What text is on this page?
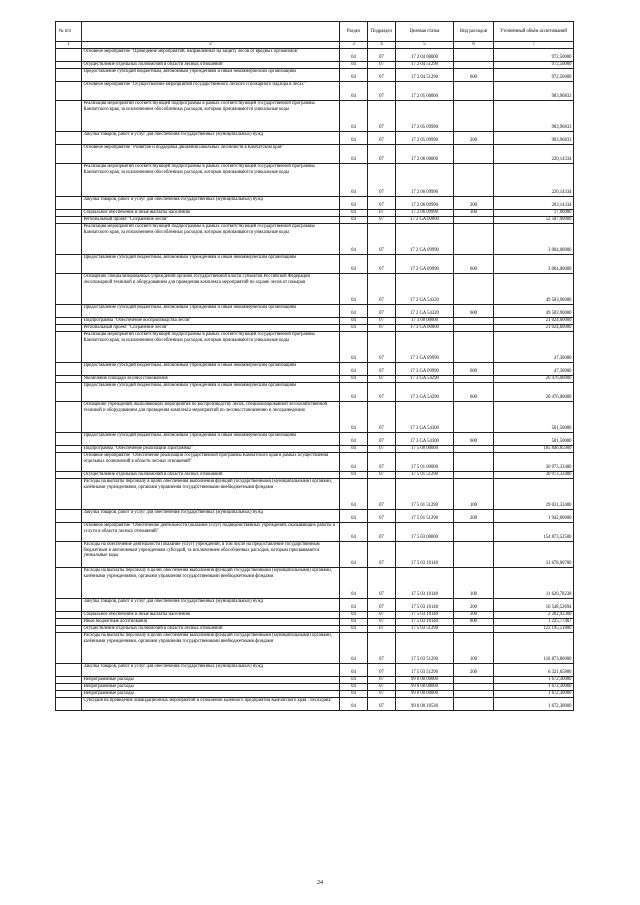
№ п/п		Раздел	Подраздел	Целевая статья	Вид расходов	Уточнённый объём ассигнований
1	2	3	4	5	6	7
	Основное мероприятие "Проведение мероприятий, направленных на защиту лесов от вредных организмов"	04	07	17 2 04 00000		972,50000
	Осуществление отдельных полномочий в области лесных отношений	04	07	17 2 04 51290		972,50000
	Предоставление субсидий бюджетным, автономным учреждениям и иным некоммерческим организациям	04	07	17 2 04 51290	600	972,50000
	Основное мероприятие "Осуществление мероприятий государственного лесного и пожарного надзора в лесах"	04	07	17 2 05 00000		903,96833
	Реализация мероприятий соответствующей подпрограммы в рамках соответствующей государственной программы Камчатского края, за исключением обособленных расходов, которым присваиваются уникальные коды	04	07	17 2 05 09990		903,96833
	Закупка товаров, работ и услуг для обеспечения государственных (муниципальных) нужд	04	07	17 2 05 09990	200	903,96833
	Основное мероприятие "Развитие и поддержка движения школьных лесничеств в Камчатском крае"	04	07	17 2 06 00000		220,14334
	Реализация мероприятий соответствующей подпрограммы в рамках соответствующей государственной программы Камчатского края, за исключением обособленных расходов, которым присваиваются уникальные коды	04	07	17 2 06 09990		220,14334
	Закупка товаров, работ и услуг для обеспечения государственных (муниципальных) нужд	04	07	17 2 06 09990	200	203,14334
	Социальное обеспечение и иные выплаты населению	04	07	17 2 06 09990	300	17,00000
	Региональный проект "Сохранение лесов"	04	07	17 2 GA 00000		52 507,90000
	Реализация мероприятий соответствующей подпрограммы в рамках соответствующей государственной программы Камчатского края, за исключением обособленных расходов, которым присваиваются уникальные коды	04	07	17 2 GA 09990		3 004,00000
	Предоставление субсидий бюджетным, автономным учреждениям и иным некоммерческим организациям	04	07	17 2 GA 09990	600	3 004,00000
	Оснащение специализированных учреждений органов государственной власти субъектов Российской Федерации лесопожарной техникой и оборудованием для проведения комплекса мероприятий по охране лесов от пожаров	04	07	17 2 GA 54320		49 503,90000
	Предоставление субсидий бюджетным, автономным учреждениям и иным некоммерческим организациям	04	07	17 2 GA 54320	600	49 503,90000
	Подпрограмма "Обеспечение воспроизводства лесов"	04	07	17 3 00 00000		21 024,60000
	Региональный проект "Сохранение лесов"	04	07	17 3 GA 00000		21 024,60000
	Реализация мероприятий соответствующей подпрограммы в рамках соответствующей государственной программы Камчатского края, за исключением обособленных расходов, которым присваиваются уникальные коды	04	07	17 3 GA 09990		47,30000
	Предоставление субсидий бюджетным, автономным учреждениям и иным некоммерческим организациям	04	07	17 3 GA 09990	600	47,30000
	Увеличение площади лесовосстановления	04	07	17 3 GA 54290		20 476,00000
	Предоставление субсидий бюджетным, автономным учреждениям и иным некоммерческим организациям	04	07	17 3 GA 54290	600	20 476,00000
	Оснащение учреждений, выполняющих мероприятия по воспроизводству лесов, специализированной лесохозяйственной техникой и оборудованием для проведения комплекса мероприятий по лесовосстановлению и лесоразведению	04	07	17 3 GA 54300		501,50000
	Предоставление субсидий бюджетным, автономным учреждениям и иным некоммерческим организациям	04	07	17 3 GA 54300	600	501,50000
	Подпрограмма "Обеспечение реализации Программы"	04	07	17 5 00 00000		185 846,85900
	Основное мероприятие "Обеспечение реализации государственной программы Камчатского края в рамках осуществления отдельных полномочий в области лесных отношений"	04	07	17 5 01 00000		30 973,33400
	Осуществление отдельных полномочий в области лесных отношений	04	07	17 5 01 51290		30 973,33400
	Расходы на выплаты персоналу в целях обеспечения выполнения функций государственными (муниципальными) органами, казёнными учреждениями, органами управления государственными внебюджетными фондами	04	07	17 5 01 51290	100	29 031,33400
	Закупка товаров, работ и услуг для обеспечения государственных (муниципальных) нужд	04	07	17 5 01 51290	200	1 942,00000
	Основное мероприятие "Обеспечение деятельности (оказание услуг) подведомственных учреждений, оказывающих работы и услуги в области лесных отношений"	04	07	17 5 03 00000		154 873,52500
	Расходы на обеспечение деятельности (оказание услуг) учреждений, в том числе на предоставление государственным бюджетным и автономным учреждениям субсидий, за исключением обособленных расходов, которым присваиваются уникальные коды	04	07	17 5 03 10140		31 678,00700
	Расходы на выплаты персоналу в целях обеспечения выполнения функций государственными (муниципальными) органами, казёнными учреждениями, органами управления государственными внебюджетными фондами	04	07	17 5 03 10140	100	11 620,78238
	Закупка товаров, работ и услуг для обеспечения государственных (муниципальных) нужд	04	07	17 5 03 10140	200	16 548,52694
	Социальное обеспечение и иные выплаты населению	04	07	17 5 03 10140	300	2 282,92300
	Иные бюджетные ассигнования	04	07	17 5 03 10140	800	1 225,77467
	Осуществление отдельных полномочий в области лесных отношений	04	07	17 5 03 51290		123 195,51800
	Расходы на выплаты персоналу в целях обеспечения выполнения функций государственными (муниципальными) органами, казёнными учреждениями, органами управления государственными внебюджетными фондами	04	07	17 5 03 51290	100	116 873,86000
	Закупка товаров, работ и услуг для обеспечения государственных (муниципальных) нужд	04	07	17 5 03 51290	200	6 321,65800
	Непрограммные расходы	04	07	99 0 00 00000		1 672,30000
	Непрограммные расходы	04	07	99 0 00 00000		1 672,30000
	Непрограммные расходы	04	07	99 0 00 00000		1 672,30000
	Субсидия на проведение ликвидационных мероприятий в отношении казенного предприятия Камчатского края "Лесохрана"	04	07	99 0 00 10530		1 672,30000
24
